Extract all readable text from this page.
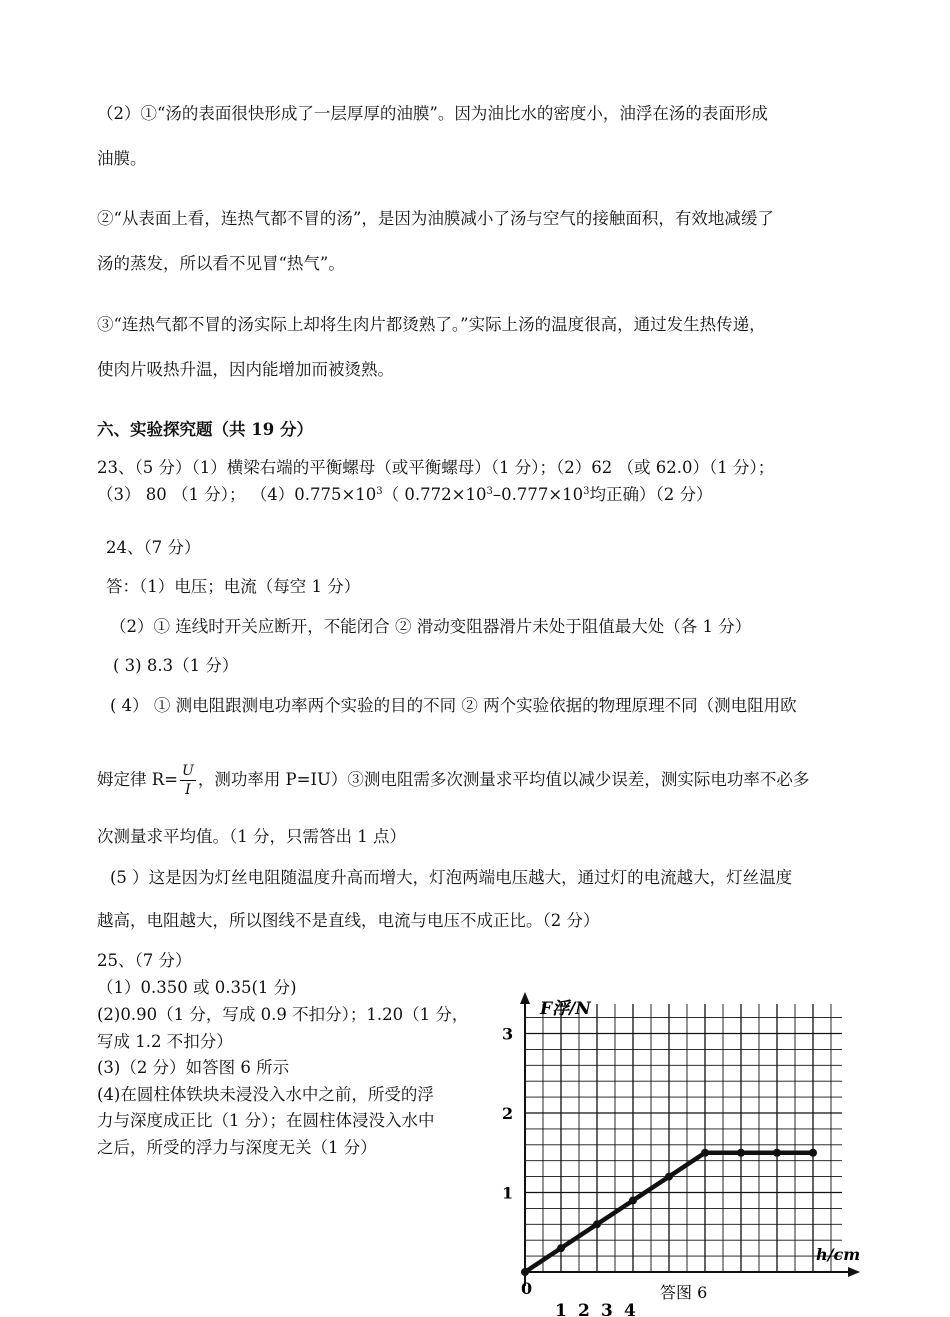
（2）①“汤的表面很快形成了一层厚厚的油膜”。因为油比水的密度小，油浮在汤的表面形成
油膜。
②“从表面上看，连热气都不冒的汤”，是因为油膜减小了汤与空气的接触面积，有效地减缓了
汤的蒸发，所以看不见冒“热气”。
③“连热气都不冒的汤实际上却将生肉片都烫熟了。”实际上汤的温度很高，通过发生热传递，
使肉片吸热升温，因内能增加而被烫熟。
六、实验探究题（共 19 分）
23、（5 分）（1）横梁右端的平衡螺母（或平衡螺母）（1 分）；（2）62 （或 62.0）（1 分）；
（3） 80 （1 分）； $(4)0.775\times 10^3$（ $0.772\times 10^3-0.777\times 10^3$均正确）（2 分）
24、（7 分）
答：（1）电压；电流（每空 1 分）
（2）① 连线时开关应断开，不能闭合 ② 滑动变阻器滑片未处于阻值最大处（各 1 分）
( 3) 8.3（1 分）
( 4） ① 测电阻跟测电功率两个实验的目的不同 ② 两个实验依据的物理原理不同（测电阻用欧
姆定律 $R= \frac{U}{I}$ ，测功率用 P=IU）③测电阻需多次测量求平均值以减少误差，测实际电功率不必多
次测量求平均值。（1 分，只需答出 1 点）
(5 ）这是因为灯丝电阻随温度升高而增大，灯泡两端电压越大，通过灯的电流越大，灯丝温度
越高，电阻越大，所以图线不是直线，电流与电压不成正比。（2 分）
25、（7 分）
（1）0.350 或 0.35(1 分)
(2)0.90（1 分，写成 0.9 不扣分）；1.20（1 分，
写成 1.2 不扣分）
(3)（2 分）如答图 6 所示
(4)在圆柱体铁块未浸没入水中之前，所受的浮
力与深度成正比（1 分）；在圆柱体浸没入水中
之后，所受的浮力与深度无关（1 分）
F浮/N
h/cm
0
1
2
3
1 2 3 4
答图 6
